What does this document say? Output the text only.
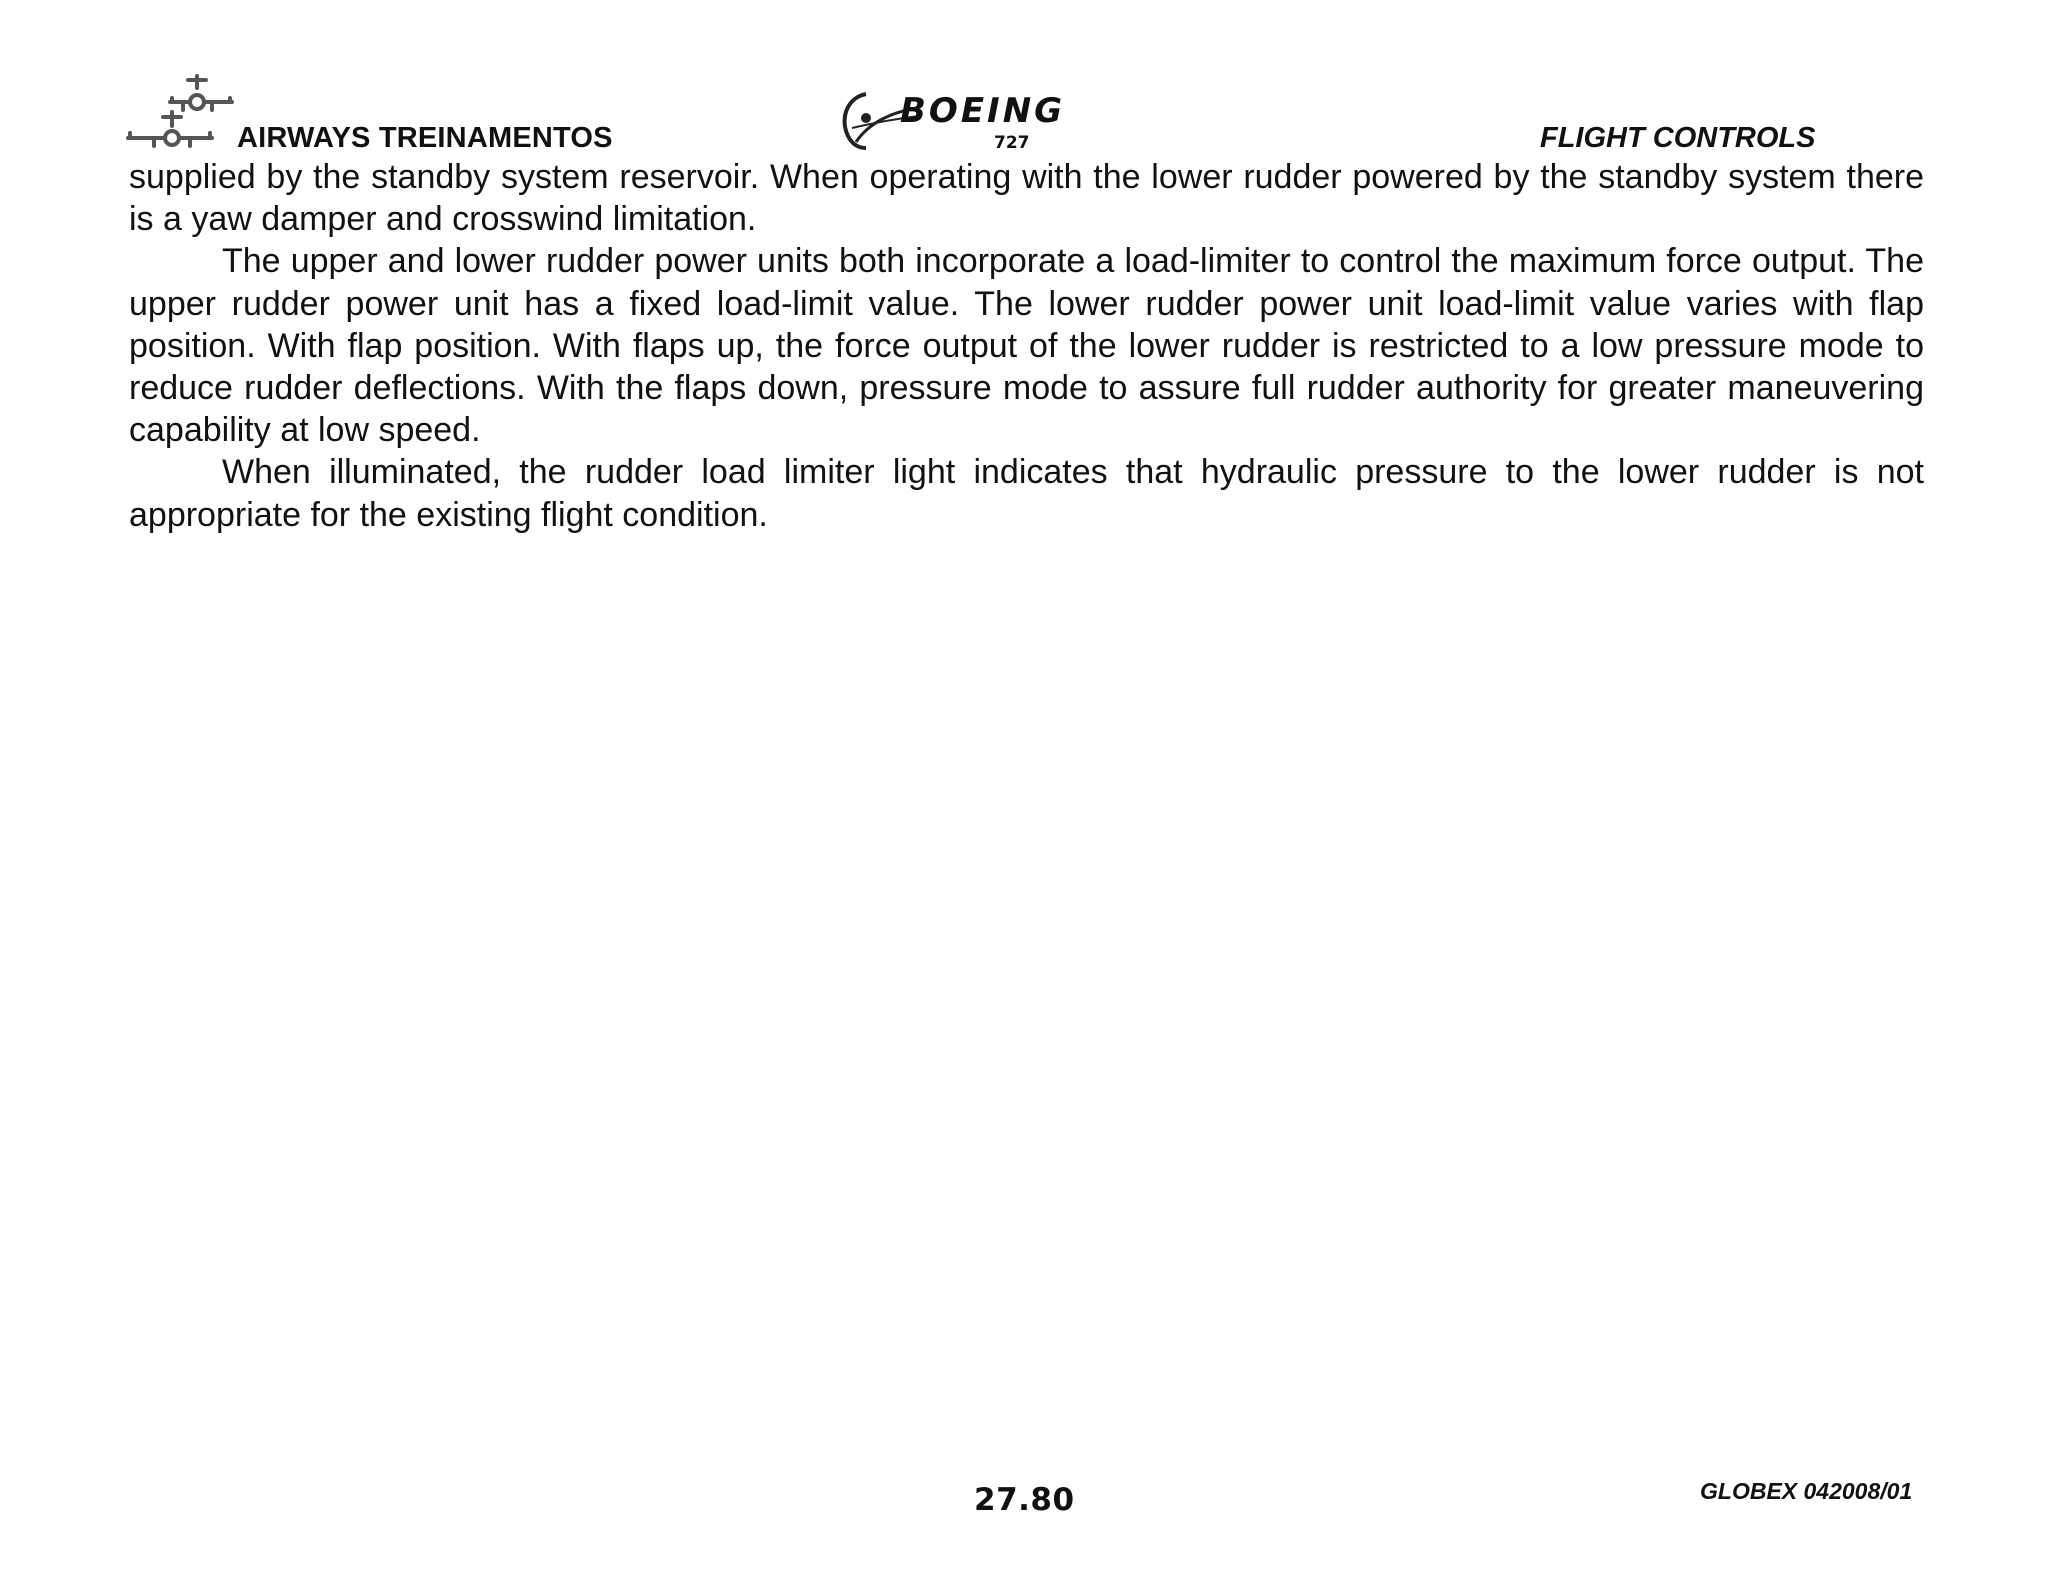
AIRWAYS TREINAMENTOS
BOEING
727	FLIGHT CONTROLS

supplied by the standby system reservoir. When operating with the lower rudder powered by the standby system there is a yaw damper and crosswind limitation.

The upper and lower rudder power units both incorporate a load-limiter to control the maximum force output. The upper rudder power unit has a fixed load-limit value. The lower rudder power unit load-limit value varies with flap position. With flap position. With flaps up, the force output of the lower rudder is restricted to a low pressure mode to reduce rudder deflections. With the flaps down, pressure mode to assure full rudder authority for greater maneuvering capability at low speed.

When illuminated, the rudder load limiter light indicates that hydraulic pressure to the lower rudder is not appropriate for the existing flight condition.

27.80	GLOBEX 042008/01
